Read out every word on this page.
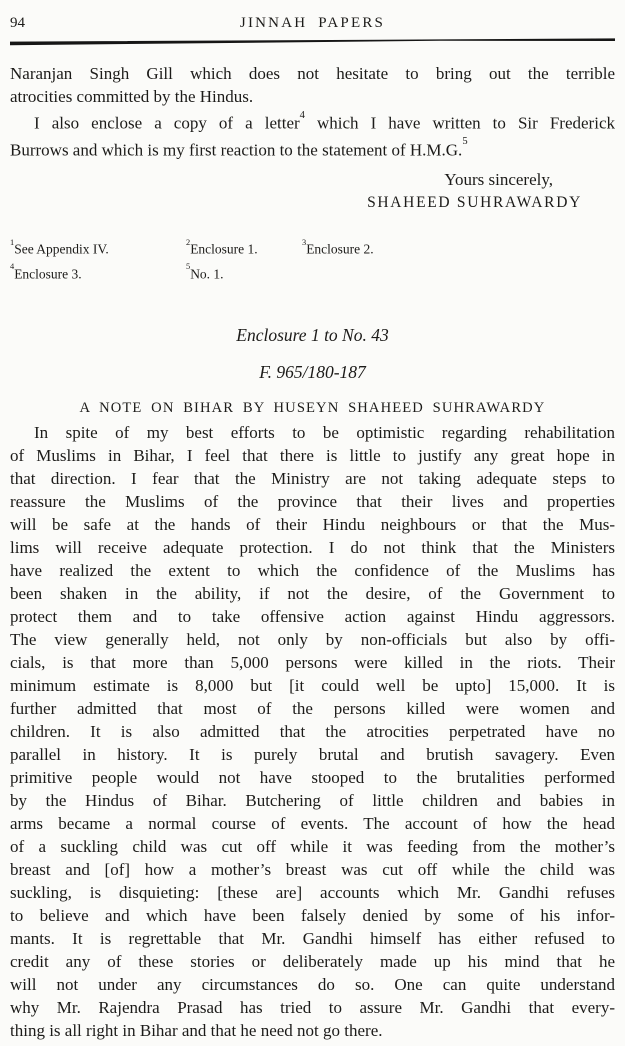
94	JINNAH PAPERS
Naranjan Singh Gill which does not hesitate to bring out the terrible
atrocities committed by the Hindus.
I also enclose a copy of a letter$^4$ which I have written to Sir Frederick
Burrows and which is my first reaction to the statement of H.M.G.$^5$
Yours sincerely,
SHAHEED SUHRAWARDY
$^1$See Appendix IV.	$^2$Enclosure 1.	$^3$Enclosure 2.
$^4$Enclosure 3.	$^5$No. 1.
Enclosure 1 to No. 43
F. 965/180-187
A NOTE ON BIHAR BY HUSEYN SHAHEED SUHRAWARDY
In spite of my best efforts to be optimistic regarding rehabilitation
of Muslims in Bihar, I feel that there is little to justify any great hope in
that direction. I fear that the Ministry are not taking adequate steps to
reassure the Muslims of the province that their lives and properties
will be safe at the hands of their Hindu neighbours or that the Mus-
lims will receive adequate protection. I do not think that the Ministers
have realized the extent to which the confidence of the Muslims has
been shaken in the ability, if not the desire, of the Government to
protect them and to take offensive action against Hindu aggressors.
The view generally held, not only by non-officials but also by offi-
cials, is that more than 5,000 persons were killed in the riots. Their
minimum estimate is 8,000 but [it could well be upto] 15,000. It is
further admitted that most of the persons killed were women and
children. It is also admitted that the atrocities perpetrated have no
parallel in history. It is purely brutal and brutish savagery. Even
primitive people would not have stooped to the brutalities performed
by the Hindus of Bihar. Butchering of little children and babies in
arms became a normal course of events. The account of how the head
of a suckling child was cut off while it was feeding from the mother’s
breast and [of] how a mother’s breast was cut off while the child was
suckling, is disquieting: [these are] accounts which Mr. Gandhi refuses
to believe and which have been falsely denied by some of his infor-
mants. It is regrettable that Mr. Gandhi himself has either refused to
credit any of these stories or deliberately made up his mind that he
will not under any circumstances do so. One can quite understand
why Mr. Rajendra Prasad has tried to assure Mr. Gandhi that every-
thing is all right in Bihar and that he need not go there.
